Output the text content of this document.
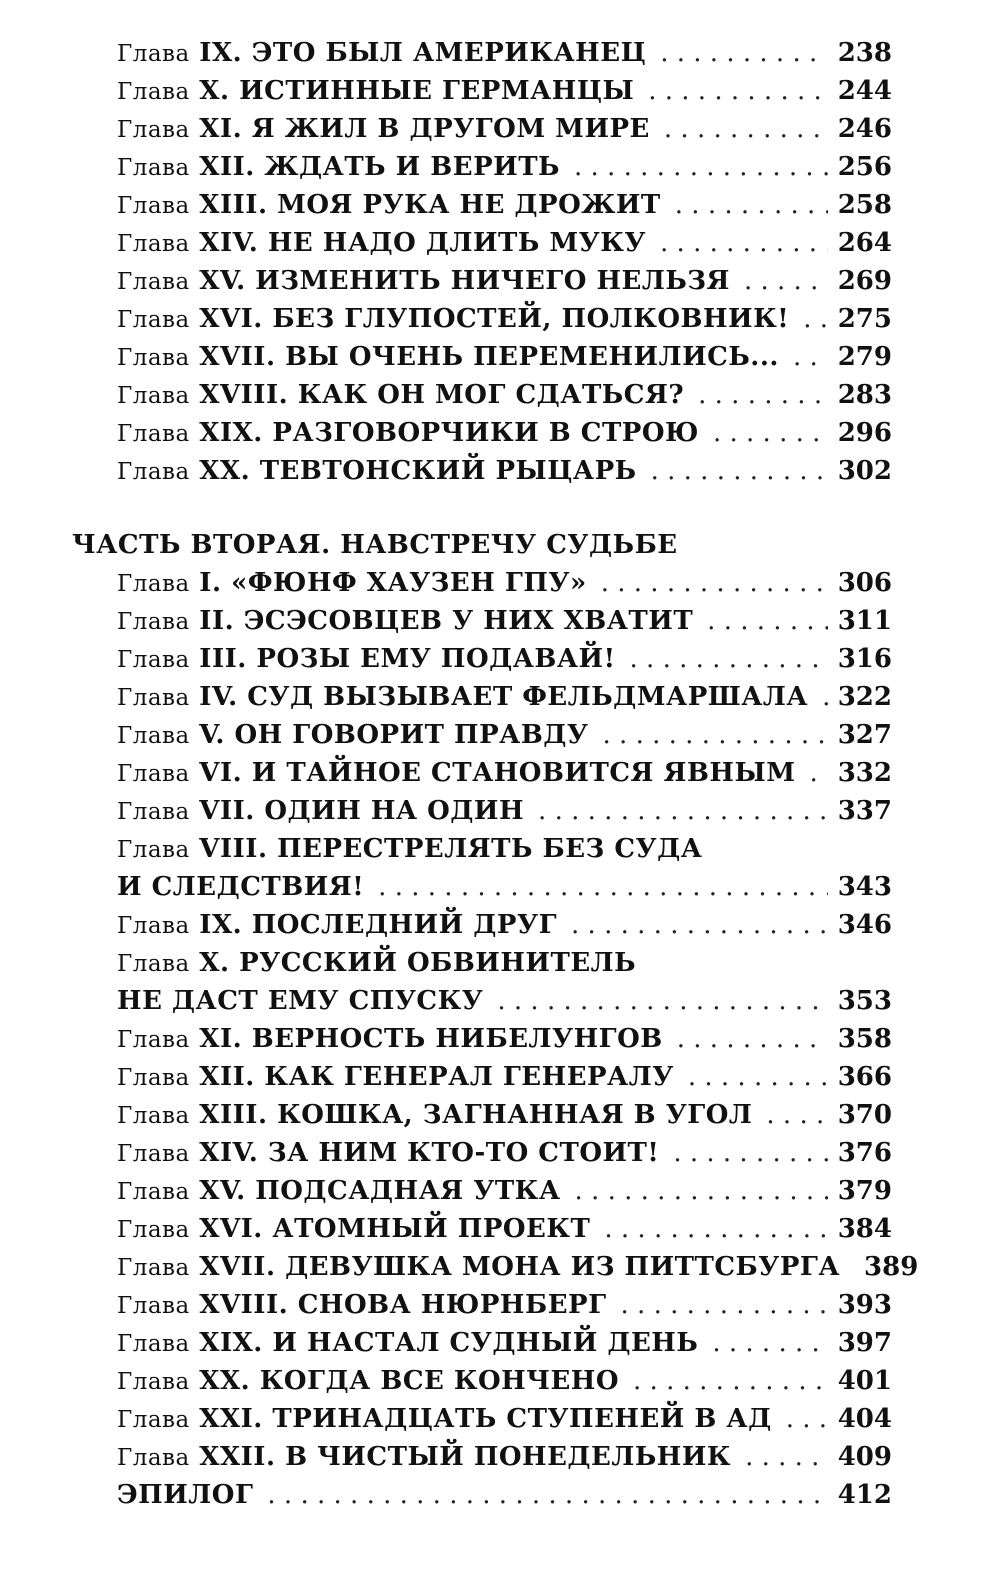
Глава IX. ЭТО БЫЛ АМЕРИКАНЕЦ . . .	238
Глава X. ИСТИННЫЕ ГЕРМАНЦЫ . . .	244
Глава XI. Я ЖИЛ В ДРУГОМ МИРЕ . . .	246
Глава XII. ЖДАТЬ И ВЕРИТЬ . . .	256
Глава XIII. МОЯ РУКА НЕ ДРОЖИТ . . .	258
Глава XIV. НЕ НАДО ДЛИТЬ МУКУ . . .	264
Глава XV. ИЗМЕНИТЬ НИЧЕГО НЕЛЬЗЯ . . .	269
Глава XVI. БЕЗ ГЛУПОСТЕЙ, ПОЛКОВНИК! . . . 275
Глава XVII. ВЫ ОЧЕНЬ ПЕРЕМЕНИЛИСЬ... . . . 279
Глава XVIII. КАК ОН МОГ СДАТЬСЯ? . . .	283
Глава XIX. РАЗГОВОРЧИКИ В СТРОЮ . . .	296
Глава XX. ТЕВТОНСКИЙ РЫЦАРЬ . . .	302
ЧАСТЬ ВТОРАЯ. НАВСТРЕЧУ СУДЬБЕ
Глава I. «ФЮНФ ХАУЗЕН ГПУ» . . .	306
Глава II. ЭСЭСОВЦЕВ У НИХ ХВАТИТ . . .	311
Глава III. РОЗЫ ЕМУ ПОДАВАЙ! . . .	316
Глава IV. СУД ВЫЗЫВАЕТ ФЕЛЬДМАРШАЛА . . . 322
Глава V. ОН ГОВОРИТ ПРАВДУ . . .	327
Глава VI. И ТАЙНОЕ СТАНОВИТСЯ ЯВНЫМ . . . 332
Глава VII. ОДИН НА ОДИН . . .	337
Глава VIII. ПЕРЕСТРЕЛЯТЬ БЕЗ СУДА
И СЛЕДСТВИЯ! . . .	343
Глава IX. ПОСЛЕДНИЙ ДРУГ . . .	346
Глава X. РУССКИЙ ОБВИНИТЕЛЬ
НЕ ДАСТ ЕМУ СПУСКУ . . .	353
Глава XI. ВЕРНОСТЬ НИБЕЛУНГОВ . . .	358
Глава XII. КАК ГЕНЕРАЛ ГЕНЕРАЛУ . . .	366
Глава XIII. КОШКА, ЗАГНАННАЯ В УГОЛ . . .	370
Глава XIV. ЗА НИМ КТО-ТО СТОИТ! . . .	376
Глава XV. ПОДСАДНАЯ УТКА . . .	379
Глава XVI. АТОМНЫЙ ПРОЕКТ . . .	384
Глава XVII. ДЕВУШКА МОНА ИЗ ПИТТСБУРГА 389
Глава XVIII. СНОВА НЮРНБЕРГ . . .	393
Глава XIX. И НАСТАЛ СУДНЫЙ ДЕНЬ . . .	397
Глава XX. КОГДА ВСЕ КОНЧЕНО . . .	401
Глава XXI. ТРИНАДЦАТЬ СТУПЕНЕЙ В АД . . .	404
Глава XXII. В ЧИСТЫЙ ПОНЕДЕЛЬНИК . . .	409
ЭПИЛОГ . . .	412
